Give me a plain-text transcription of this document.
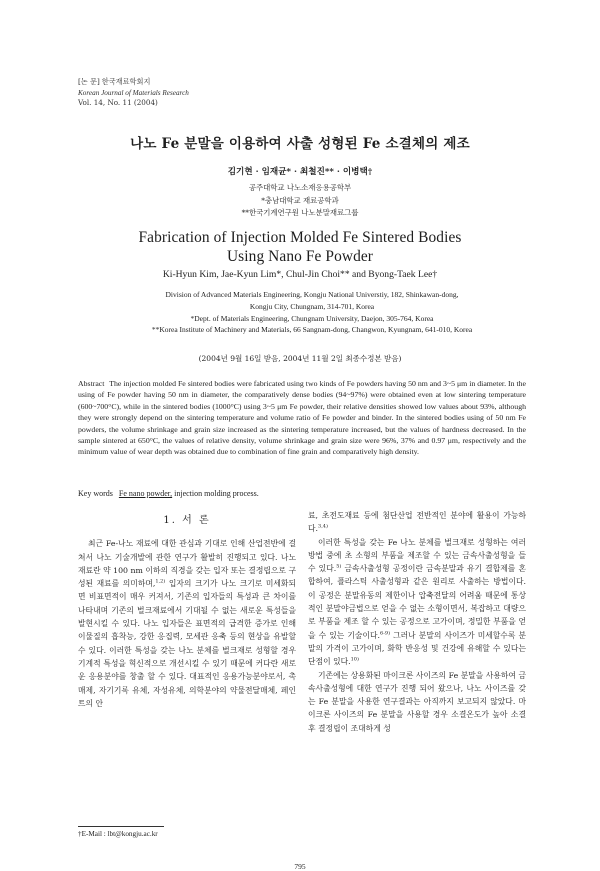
[논 문] 한국재료학회지
Korean Journal of Materials Research
Vol. 14, No. 11 (2004)
나노 Fe 분말을 이용하여 사출 성형된 Fe 소결체의 제조
김기현 · 임재균* · 최철진** · 이병택†
공주대학교 나노소재응용공학부
*충남대학교 재료공학과
**한국기계연구원 나노분말재료그룹
Fabrication of Injection Molded Fe Sintered Bodies
Using Nano Fe Powder
Ki-Hyun Kim, Jae-Kyun Lim*, Chul-Jin Choi** and Byong-Taek Lee†
Division of Advanced Materials Engineering, Kongju National Universtiy, 182, Shinkawan-dong,
Kongju City, Chungnam, 314-701, Korea
*Dept. of Materials Engineering, Chungnam University, Daejon, 305-764, Korea
**Korea Institute of Machinery and Materials, 66 Sangnam-dong, Changwon, Kyungnam, 641-010, Korea
(2004년 9월 16일 받음, 2004년 11월 2일 최종수정본 받음)
Abstract The injection molded Fe sintered bodies were fabricated using two kinds of Fe powders having 50 nm and 3~5 μm in diameter. In the using of Fe powder having 50 nm in diameter, the comparatively dense bodies (94~97%) were obtained even at low sintering temperature (600~700°C), while in the sintered bodies (1000°C) using 3~5 μm Fe powder, their relative densities showed low values about 93%, although they were strongly depend on the sintering temperature and volume ratio of Fe powder and binder. In the sintered bodies using of 50 nm Fe powders, the volume shrinkage and grain size increased as the sintering temperature increased, but the values of hardness decreased. In the sample sintered at 650°C, the values of relative density, volume shrinkage and grain size were 96%, 37% and 0.97 μm, respectively and the minimum value of wear depth was obtained due to combination of fine grain and comparatively high density.
Key words Fe nano powder, injection molding process.
1. 서 론

최근 Fe-나노 재료에 대한 관심과 기대로 인해 산업전반에 걸쳐서 나노 기술개발에 관한 연구가 활발히 진행되고 있다. 나노 재료란 약 100 nm 이하의 직경을 갖는 입자 또는 결정립으로 구성된 재료를 의미하며,$^{1,2)}$ 입자의 크기가 나노 크기로 미세화되면 비표면적이 매우 커져서, 기존의 입자들의 특성과 큰 차이를 나타내며 기존의 벌크재료에서 기대될 수 없는 새로운 특성들을 발현시킬 수 있다. 나노 입자들은 표면적의 급격한 증가로 인해 이물질의 흡착능, 강한 응집력, 모세관 응축 등의 현상을 유발할 수 있다. 이러한 특성을 갖는 나노 분체를 벌크재로 성형할 경우 기계적 특성을 혁신적으로 개선시킬 수 있기 때문에 커다란 새로운 응용분야를 창출 할 수 있다. 대표적인 응용가능분야로서, 촉매제, 자기기록 유체, 자성유체, 의학분야의 약물전달매체, 페인트의 안

료, 초전도재료 등에 첨단산업 전반적인 분야에 활용이 가능하다.$^{3,4)}$

이러한 특성을 갖는 Fe 나노 분체를 벌크재로 성형하는 여러 방법 중에 초 소형의 부품을 제조할 수 있는 금속사출성형을 들 수 있다.$^{5)}$ 금속사출성형 공정이란 금속분말과 유기 결합제를 혼합하여, 플라스틱 사출성형과 같은 원리로 사출하는 방법이다. 이 공정은 분말유동의 제한이나 압축전달의 어려움 때문에 통상적인 분말야금법으로 얻을 수 없는 소형이면서, 복잡하고 대량으로 부품을 제조 할 수 있는 공정으로 고가이며, 정밀한 부품을 얻을 수 있는 기술이다.$^{6-9)}$ 그러나 분말의 사이즈가 미세할수록 분말의 가격이 고가이며, 화학 반응성 및 건강에 유해할 수 있다는 단점이 있다.$^{10)}$

기존에는 상용화된 마이크론 사이즈의 Fe 분말을 사용하여 금속사출성형에 대한 연구가 진행 되어 왔으나, 나노 사이즈를 갖는 Fe 분말을 사용한 연구결과는 아직까지 보고되지 않았다. 마이크론 사이즈의 Fe 분말을 사용할 경우 소결온도가 높아 소결 후 결정립이 조대하게 성

†E-Mail : lbt@kongju.ac.kr
795
